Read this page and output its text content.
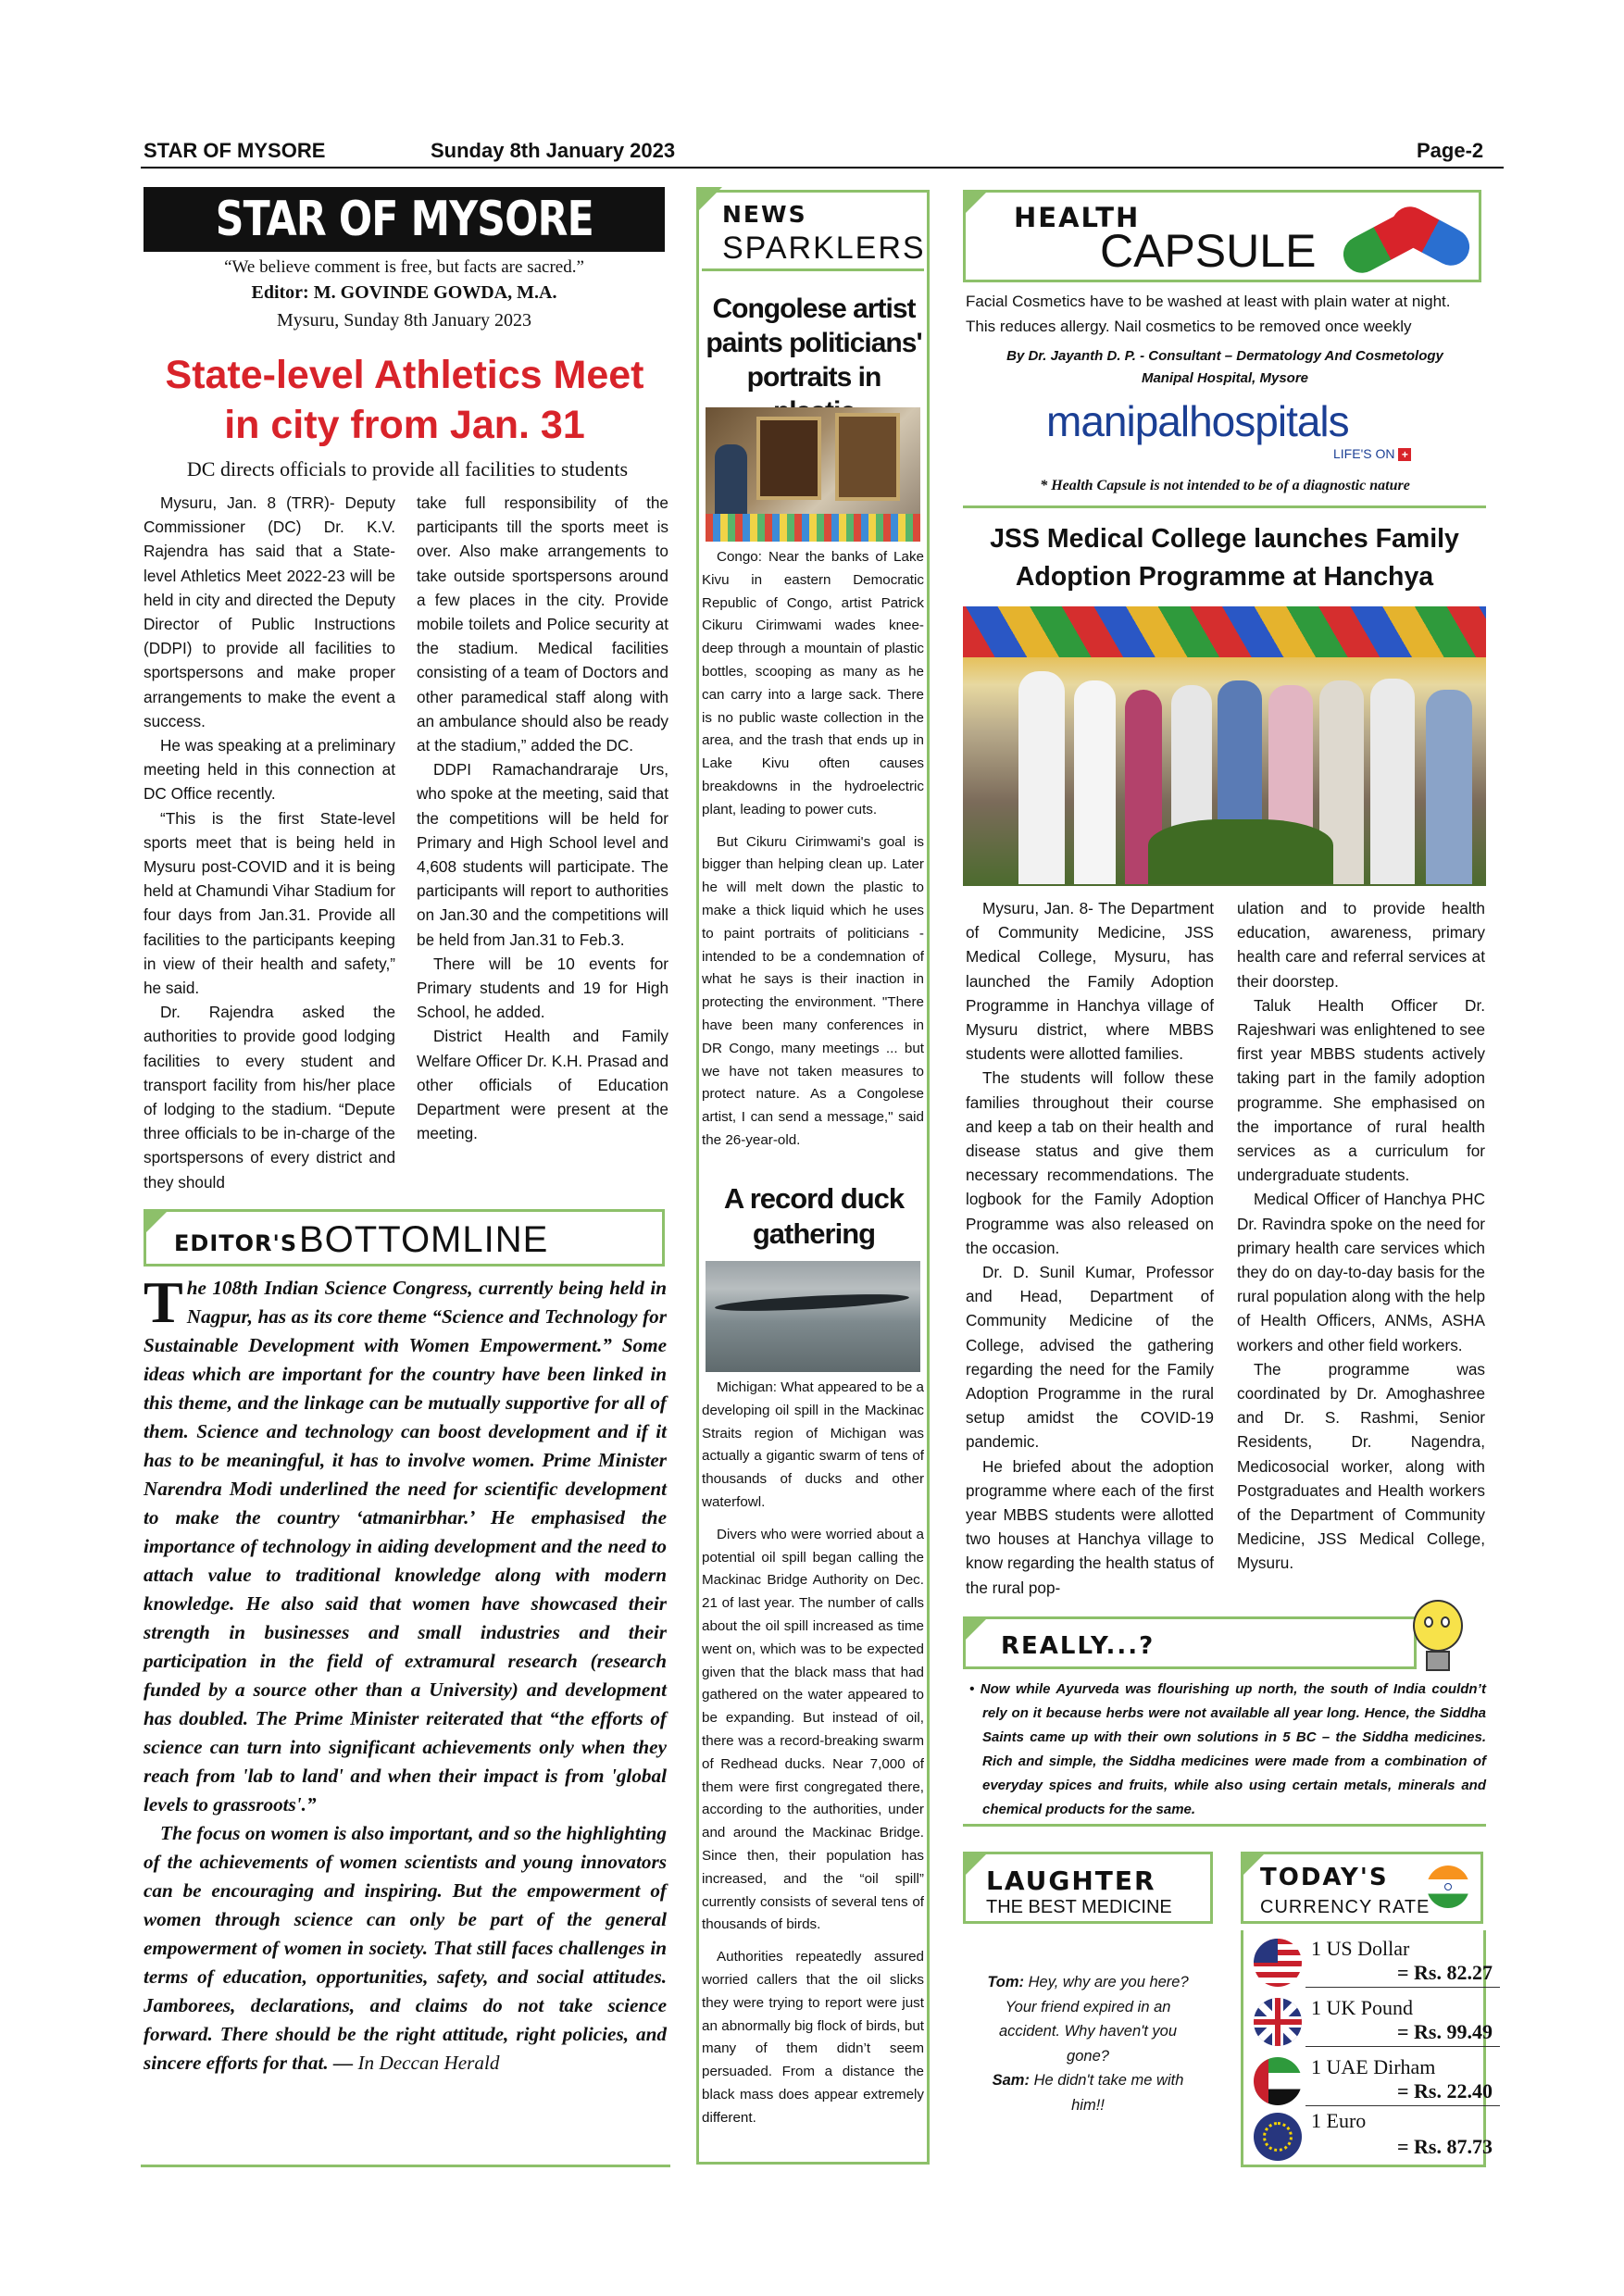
STAR OF MYSORE	Sunday 8th January 2023	Page-2
STAR OF MYSORE
“We believe comment is free, but facts are sacred.”
Editor: M. GOVINDE GOWDA, M.A.
Mysuru, Sunday 8th January 2023
State-level Athletics Meet
in city from Jan. 31
DC directs officials to provide all facilities to students

Mysuru, Jan. 8 (TRR)- Deputy Commissioner (DC) Dr. K.V. Rajendra has said that a State-level Athletics Meet 2022-23 will be held in city and directed the Deputy Director of Public Instructions (DDPI) to provide all facilities to sportspersons and make proper arrangements to make the event a success.

He was speaking at a preliminary meeting held in this connection at DC Office recently.

“This is the first State-level sports meet that is being held in Mysuru post-COVID and it is being held at Chamundi Vihar Stadium for four days from Jan.31. Provide all facilities to the participants keeping in view of their health and safety,” he said.

Dr. Rajendra asked the authorities to provide good lodging facilities to every student and transport facility from his/her place of lodging to the stadium. “Depute three officials to be in-charge of the sportspersons of every district and they should

take full responsibility of the participants till the sports meet is over. Also make arrangements to take outside sportspersons around a few places in the city. Provide mobile toilets and Police security at the stadium. Medical facilities consisting of a team of Doctors and other paramedical staff along with an ambulance should also be ready at the stadium,” added the DC.

DDPI Ramachandraraje Urs, who spoke at the meeting, said that the competitions will be held for Primary and High School level and 4,608 students will participate. The participants will report to authorities on Jan.30 and the competitions will be held from Jan.31 to Feb.3.

There will be 10 events for Primary students and 19 for High School, he added.

District Health and Family Welfare Officer Dr. K.H. Prasad and other officials of Education Department were present at the meeting.

EDITOR'S BOTTOMLINE

The 108th Indian Science Congress, currently being held in Nagpur, has as its core theme “Science and Technology for Sustainable Development with Women Empowerment.” Some ideas which are important for the country have been linked in this theme, and the linkage can be mutually supportive for all of them. Science and technology can boost development and if it has to be meaningful, it has to involve women. Prime Minister Narendra Modi underlined the need for scientific development to make the country ‘atmanirbhar.’ He emphasised the importance of technology in aiding development and the need to attach value to traditional knowledge along with modern knowledge. He also said that women have showcased their strength in businesses and small industries and their participation in the field of extramural research (research funded by a source other than a University) and development has doubled. The Prime Minister reiterated that “the efforts of science can turn into significant achievements only when they reach from 'lab to land' and when their impact is from 'global levels to grassroots'.”

The focus on women is also important, and so the highlighting of the achievements of women scientists and young innovators can be encouraging and inspiring. But the empowerment of women through science can only be part of the general empowerment of women in society. That still faces challenges in terms of education, opportunities, safety, and social attitudes. Jamborees, declarations, and claims do not take science forward. There should be the right attitude, right policies, and sincere efforts for that. — In Deccan Herald

NEWS
SPARKLERS
Congolese artist paints politicians' portraits in

Congo: Near the banks of Lake Kivu in eastern Democratic Republic of Congo, artist Patrick Cikuru Cirimwami wades knee-deep through a mountain of plastic bottles, scooping as many as he can carry into a large sack. There is no public waste collection in the area, and the trash that ends up in Lake Kivu often causes breakdowns in the hydroelectric plant, leading to power cuts.

But Cikuru Cirimwami's goal is bigger than helping clean up. Later he will melt down the plastic to make a thick liquid which he uses to paint portraits of politicians - intended to be a condemnation of what he says is their inaction in protecting the environment. "There have been many conferences in DR Congo, many meetings ... but we have not taken measures to protect nature. As a Congolese artist, I can send a message," said the 26-year-old.

A record duck gathering

Michigan: What appeared to be a developing oil spill in the Mackinac Straits region of Michigan was actually a gigantic swarm of tens of thousands of ducks and other waterfowl.

Divers who were worried about a potential oil spill began calling the Mackinac Bridge Authority on Dec. 21 of last year. The number of calls about the oil spill increased as time went on, which was to be expected given that the black mass that had gathered on the water appeared to be expanding. But instead of oil, there was a record-breaking swarm of Redhead ducks. Near 7,000 of them were first congregated there, according to the authorities, under and around the Mackinac Bridge. Since then, their population has increased, and the “oil spill” currently consists of several tens of thousands of birds.

Authorities repeatedly assured worried callers that the oil slicks they were trying to report were just an abnormally big flock of birds, but many of them didn’t seem persuaded. From a distance the black mass does appear extremely different.

HEALTH
CAPSULE
Facial Cosmetics have to be washed at least with plain water at night. This reduces allergy. Nail cosmetics to be removed once weekly
By Dr. Jayanth D. P. - Consultant – Dermatology And Cosmetology
Manipal Hospital, Mysore
manipalhospitals
LIFE'S ON +
* Health Capsule is not intended to be of a diagnostic nature
JSS Medical College launches Family
Adoption Programme at Hanchya

Mysuru, Jan. 8- The Department of Community Medicine, JSS Medical College, Mysuru, has launched the Family Adoption Programme in Hanchya village of Mysuru district, where MBBS students were allotted families.

The students will follow these families throughout their course and keep a tab on their health and disease status and give them necessary recommendations. The logbook for the Family Adoption Programme was also released on the occasion.

Dr. D. Sunil Kumar, Professor and Head, Department of Community Medicine of the College, advised the gathering regarding the need for the Family Adoption Programme in the rural setup amidst the COVID-19 pandemic.

He briefed about the adoption programme where each of the first year MBBS students were allotted two houses at Hanchya village to know regarding the health status of the rural pop-

ulation and to provide health education, awareness, primary health care and referral services at their doorstep.

Taluk Health Officer Dr. Rajeshwari was enlightened to see first year MBBS students actively taking part in the family adoption programme. She emphasised on the importance of rural health services as a curriculum for undergraduate students.

Medical Officer of Hanchya PHC Dr. Ravindra spoke on the need for primary health care services which they do on day-to-day basis for the rural population along with the help of Health Officers, ANMs, ASHA workers and other field workers.

The programme was coordinated by Dr. Amoghashree and Dr. S. Rashmi, Senior Residents, Dr. Nagendra, Medicosocial worker, along with Postgraduates and Health workers of the Department of Community Medicine, JSS Medical College, Mysuru.

REALLY...?
• Now while Ayurveda was flourishing up north, the south of India couldn’t rely on it because herbs were not available all year long. Hence, the Siddha Saints came up with their own solutions in 5 BC – the Siddha medicines. Rich and simple, the Siddha medicines were made from a combination of everyday spices and fruits, while also using certain metals, minerals and chemical products for the same.
LAUGHTER
THE BEST MEDICINE

Tom: Hey, why are you here? Your friend expired in an accident. Why haven't you gone?

Sam: He didn't take me with him!!

TODAY'S
CURRENCY RATE
1 US Dollar
= Rs. 82.27
1 UK Pound
= Rs. 99.49
1 UAE Dirham
= Rs. 22.40
1 Euro
= Rs. 87.73
